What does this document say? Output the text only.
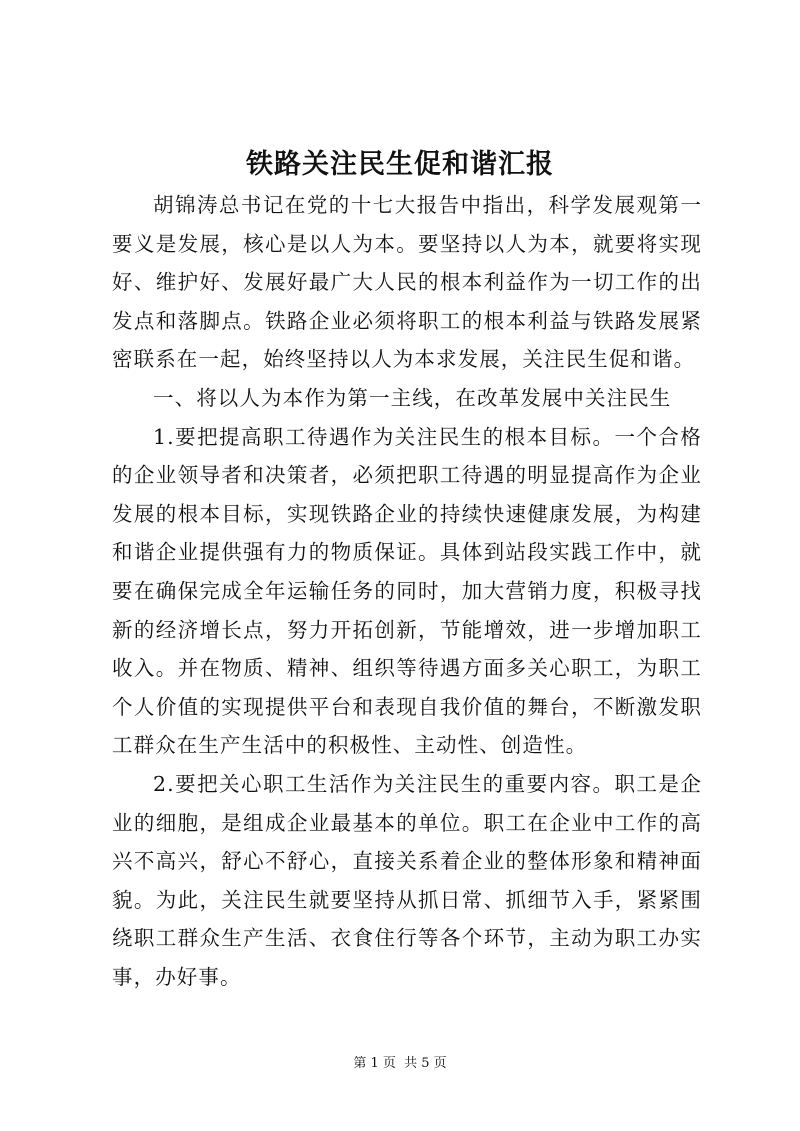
铁路关注民生促和谐汇报

胡锦涛总书记在党的十七大报告中指出，科学发展观第一要义是发展，核心是以人为本。要坚持以人为本，就要将实现好、维护好、发展好最广大人民的根本利益作为一切工作的出发点和落脚点。铁路企业必须将职工的根本利益与铁路发展紧密联系在一起，始终坚持以人为本求发展，关注民生促和谐。

一、将以人为本作为第一主线，在改革发展中关注民生

1.要把提高职工待遇作为关注民生的根本目标。一个合格的企业领导者和决策者，必须把职工待遇的明显提高作为企业发展的根本目标，实现铁路企业的持续快速健康发展，为构建和谐企业提供强有力的物质保证。具体到站段实践工作中，就要在确保完成全年运输任务的同时，加大营销力度，积极寻找新的经济增长点，努力开拓创新，节能增效，进一步增加职工收入。并在物质、精神、组织等待遇方面多关心职工，为职工个人价值的实现提供平台和表现自我价值的舞台，不断激发职工群众在生产生活中的积极性、主动性、创造性。

2.要把关心职工生活作为关注民生的重要内容。职工是企业的细胞，是组成企业最基本的单位。职工在企业中工作的高兴不高兴，舒心不舒心，直接关系着企业的整体形象和精神面貌。为此，关注民生就要坚持从抓日常、抓细节入手，紧紧围绕职工群众生产生活、衣食住行等各个环节，主动为职工办实事，办好事。

第 1 页 共 5 页
